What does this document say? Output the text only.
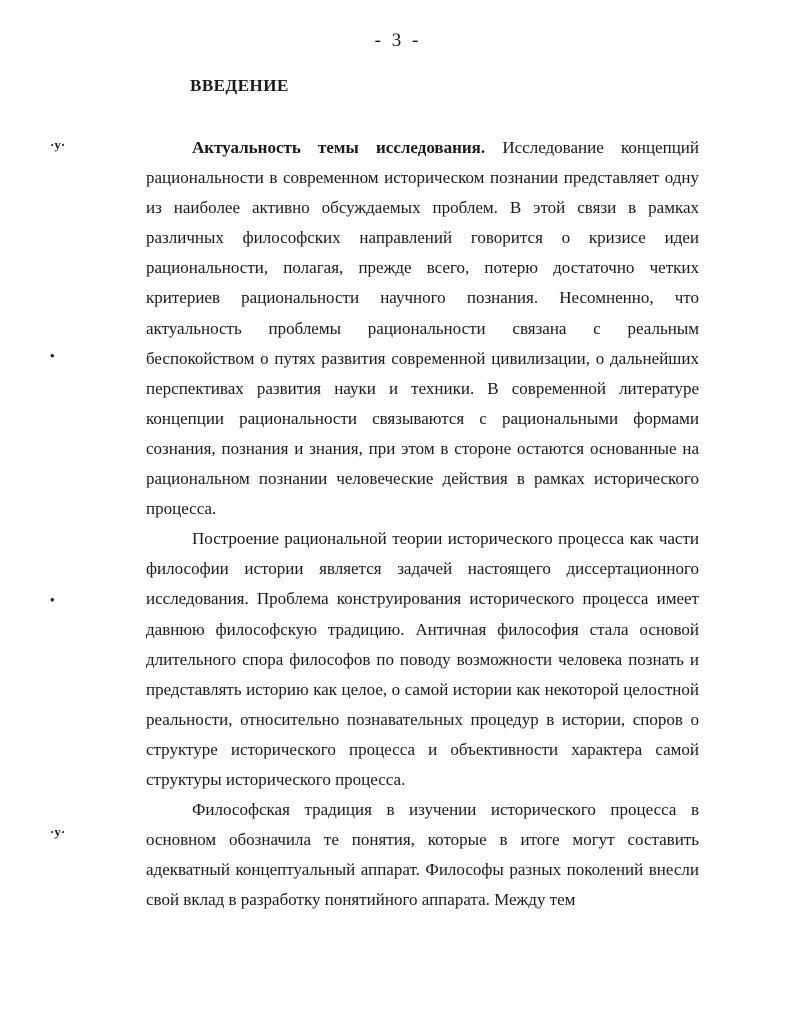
- 3 -
ВВЕДЕНИЕ
·у·
•
•
·у·

Актуальность темы исследования. Исследование концепций рациональности в современном историческом познании представляет одну из наиболее активно обсуждаемых проблем. В этой связи в рамках различных философских направлений говорится о кризисе идеи рациональности, полагая, прежде всего, потерю достаточно четких критериев рациональности научного познания. Несомненно, что актуальность проблемы рациональности связана с реальным беспокойством о путях развития современной цивилизации, о дальнейших перспективах развития науки и техники. В современной литературе концепции рациональности связываются с рациональными формами сознания, познания и знания, при этом в стороне остаются основанные на рациональном познании человеческие действия в рамках исторического процесса.

Построение рациональной теории исторического процесса как части философии истории является задачей настоящего диссертационного исследования. Проблема конструирования исторического процесса имеет давнюю философскую традицию. Античная философия стала основой длительного спора философов по поводу возможности человека познать и представлять историю как целое, о самой истории как некоторой целостной реальности, относительно познавательных процедур в истории, споров о структуре исторического процесса и объективности характера самой структуры исторического процесса.

Философская традиция в изучении исторического процесса в основном обозначила те понятия, которые в итоге могут составить адекватный концептуальный аппарат. Философы разных поколений внесли свой вклад в разработку понятийного аппарата. Между тем
